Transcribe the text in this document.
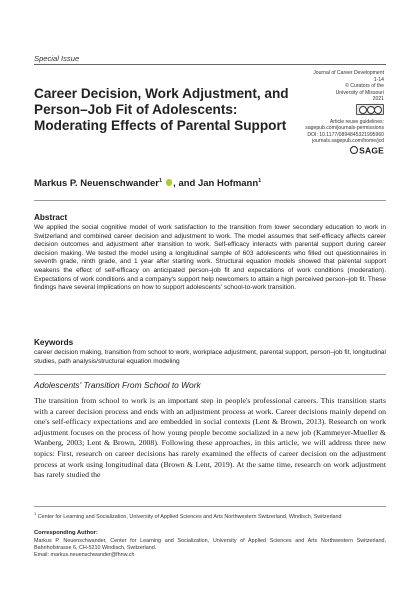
Special Issue
Career Decision, Work Adjustment, and Person–Job Fit of Adolescents: Moderating Effects of Parental Support
Journal of Career Development
1-14
© Curators of the University of Missouri 2021
Article reuse guidelines:
sagepub.com/journals-permissions
DOI: 10.1177/0894845321995960
journals.sagepub.com/home/jcd
SAGE
Markus P. Neuenschwander$^1$ , and Jan Hofmann$^1$
Abstract
We applied the social cognitive model of work satisfaction to the transition from lower secondary education to work in Switzerland and combined career decision and adjustment to work. The model assumes that self-efficacy affects career decision outcomes and adjustment after transition to work. Self-efficacy interacts with parental support during career decision making. We tested the model using a longitudinal sample of 603 adolescents who filled out questionnaires in seventh grade, ninth grade, and 1 year after starting work. Structural equation models showed that parental support weakens the effect of self-efficacy on anticipated person–job fit and expectations of work conditions (moderation). Expectations of work conditions and a company's support help newcomers to attain a high perceived person–job fit. These findings have several implications on how to support adolescents' school-to-work transition.
Keywords
career decision making, transition from school to work, workplace adjustment, parental support, person–job fit, longitudinal studies, path analysis/structural equation modeling
Adolescents' Transition From School to Work
The transition from school to work is an important step in people's professional careers. This transition starts with a career decision process and ends with an adjustment process at work. Career decisions mainly depend on one's self-efficacy expectations and are embedded in social contexts (Lent & Brown, 2013). Research on work adjustment focuses on the process of how young people become socialized in a new job (Kammeyer-Mueller & Wanberg, 2003; Lent & Brown, 2008). Following these approaches, in this article, we will address three new topics: First, research on career decisions has rarely examined the effects of career decision on the adjustment process at work using longitudinal data (Brown & Lent, 2019). At the same time, research on work adjustment has rarely studied the
$^1$ Center for Learning and Socialization, University of Applied Sciences and Arts Northwestern Switzerland, Windisch, Switzerland
Corresponding Author:
Markus P. Neuenschwander, Center for Learning and Socialization, University of Applied Sciences and Arts Northwestern Switzerland, Bahnhofstrasse 6, CH-5210 Windisch, Switzerland.
Email: markus.neuenschwander@fhnw.ch
